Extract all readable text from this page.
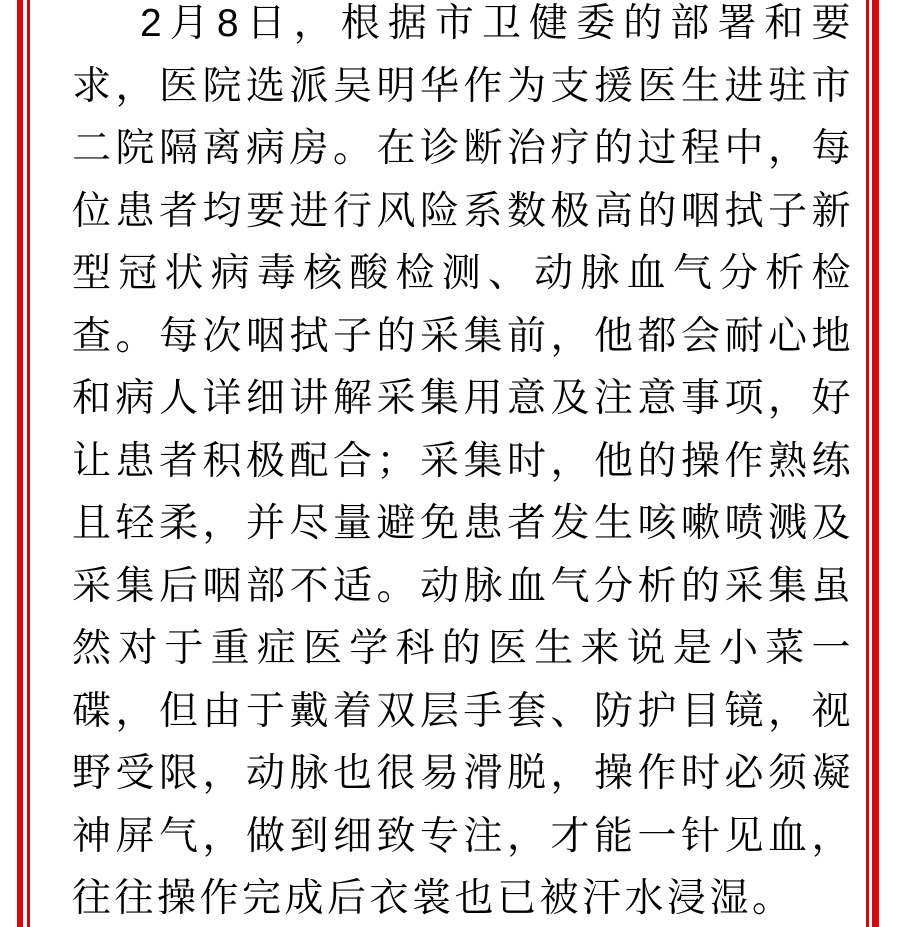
2月8日，根据市卫健委的部署和要
求，医院选派吴明华作为支援医生进驻市
二院隔离病房。在诊断治疗的过程中，每
位患者均要进行风险系数极高的咽拭子新
型冠状病毒核酸检测、动脉血气分析检
查。每次咽拭子的采集前，他都会耐心地
和病人详细讲解采集用意及注意事项，好
让患者积极配合；采集时，他的操作熟练
且轻柔，并尽量避免患者发生咳嗽喷溅及
采集后咽部不适。动脉血气分析的采集虽
然对于重症医学科的医生来说是小菜一
碟，但由于戴着双层手套、防护目镜，视
野受限，动脉也很易滑脱，操作时必须凝
神屏气，做到细致专注，才能一针见血，
往往操作完成后衣裳也已被汗水浸湿。
